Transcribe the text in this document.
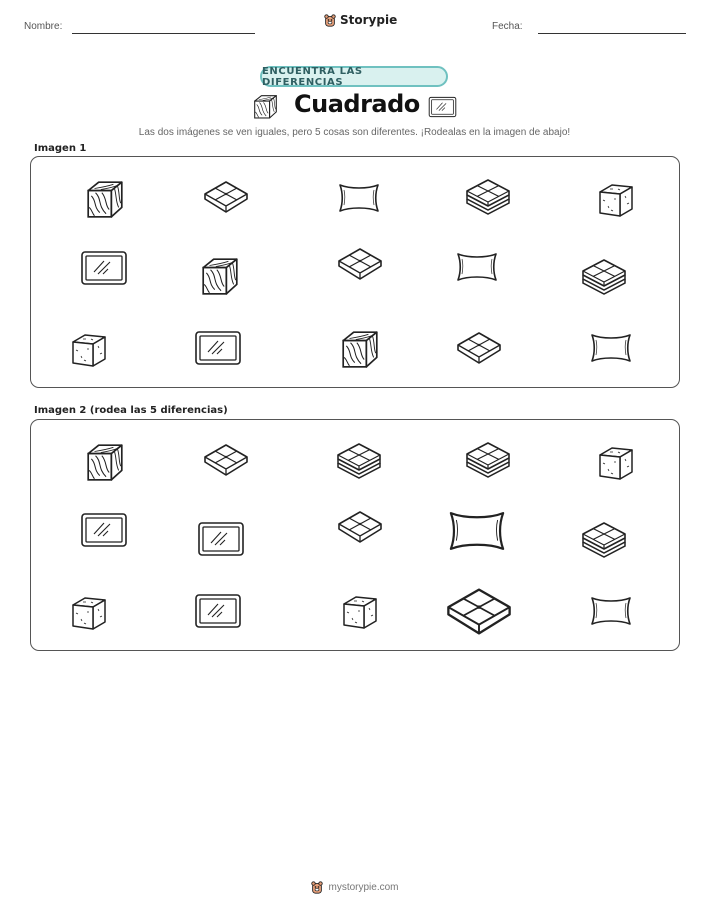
Nombre:	Storypie	Fecha:
ENCUENTRA LAS DIFERENCIAS
Cuadrado
Las dos imágenes se ven iguales, pero 5 cosas son diferentes. ¡Rodealas en la imagen de abajo!
Imagen 1
Imagen 2 (rodea las 5 diferencias)
mystorypie.com
